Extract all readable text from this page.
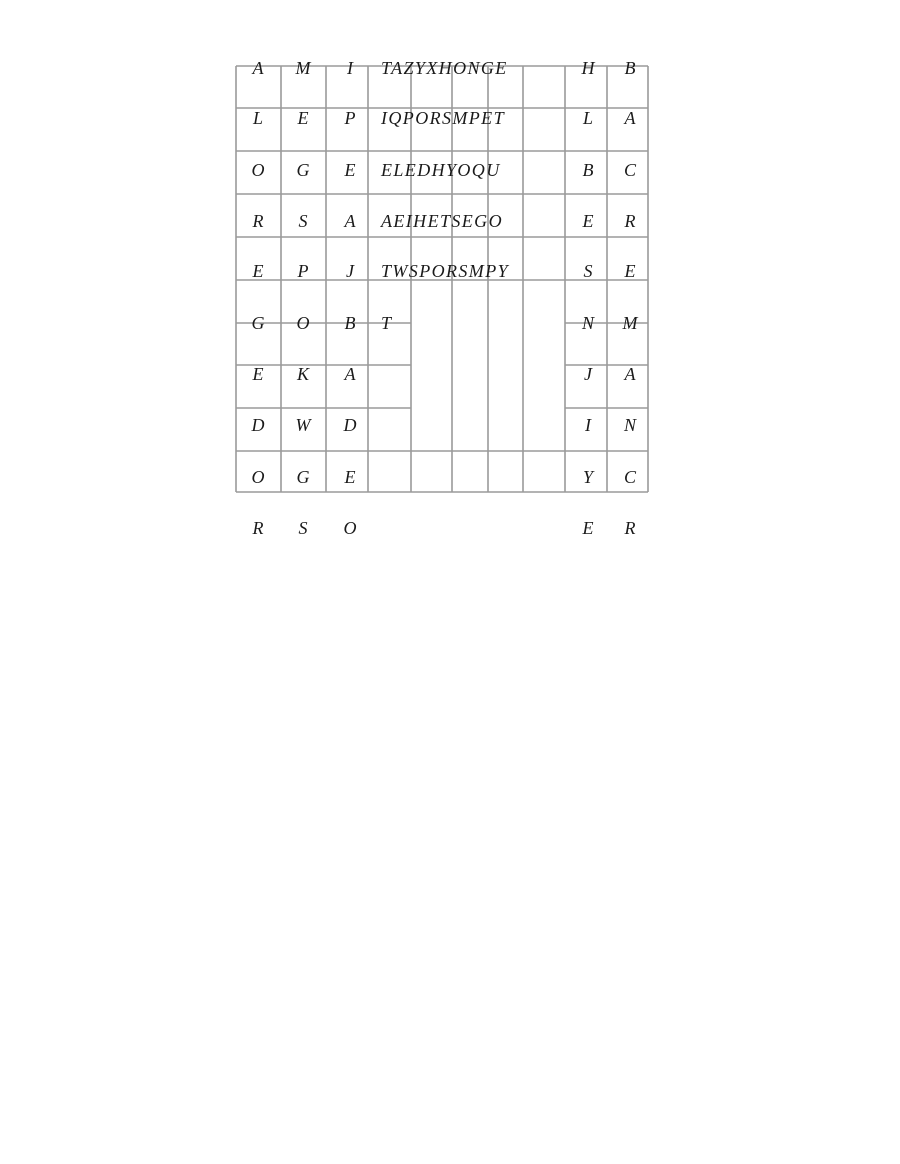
A M I TAZYXHONGE	H B
L E P IQPORSMPET	L A
O G E ELEDHYOQU	B C
R S A AEIHETSEGO	E R
E P J TWSPORSMPY	S E
G O B T	N M
E K A	J A
D W D	I N
O G E	Y C
R S O	E R
